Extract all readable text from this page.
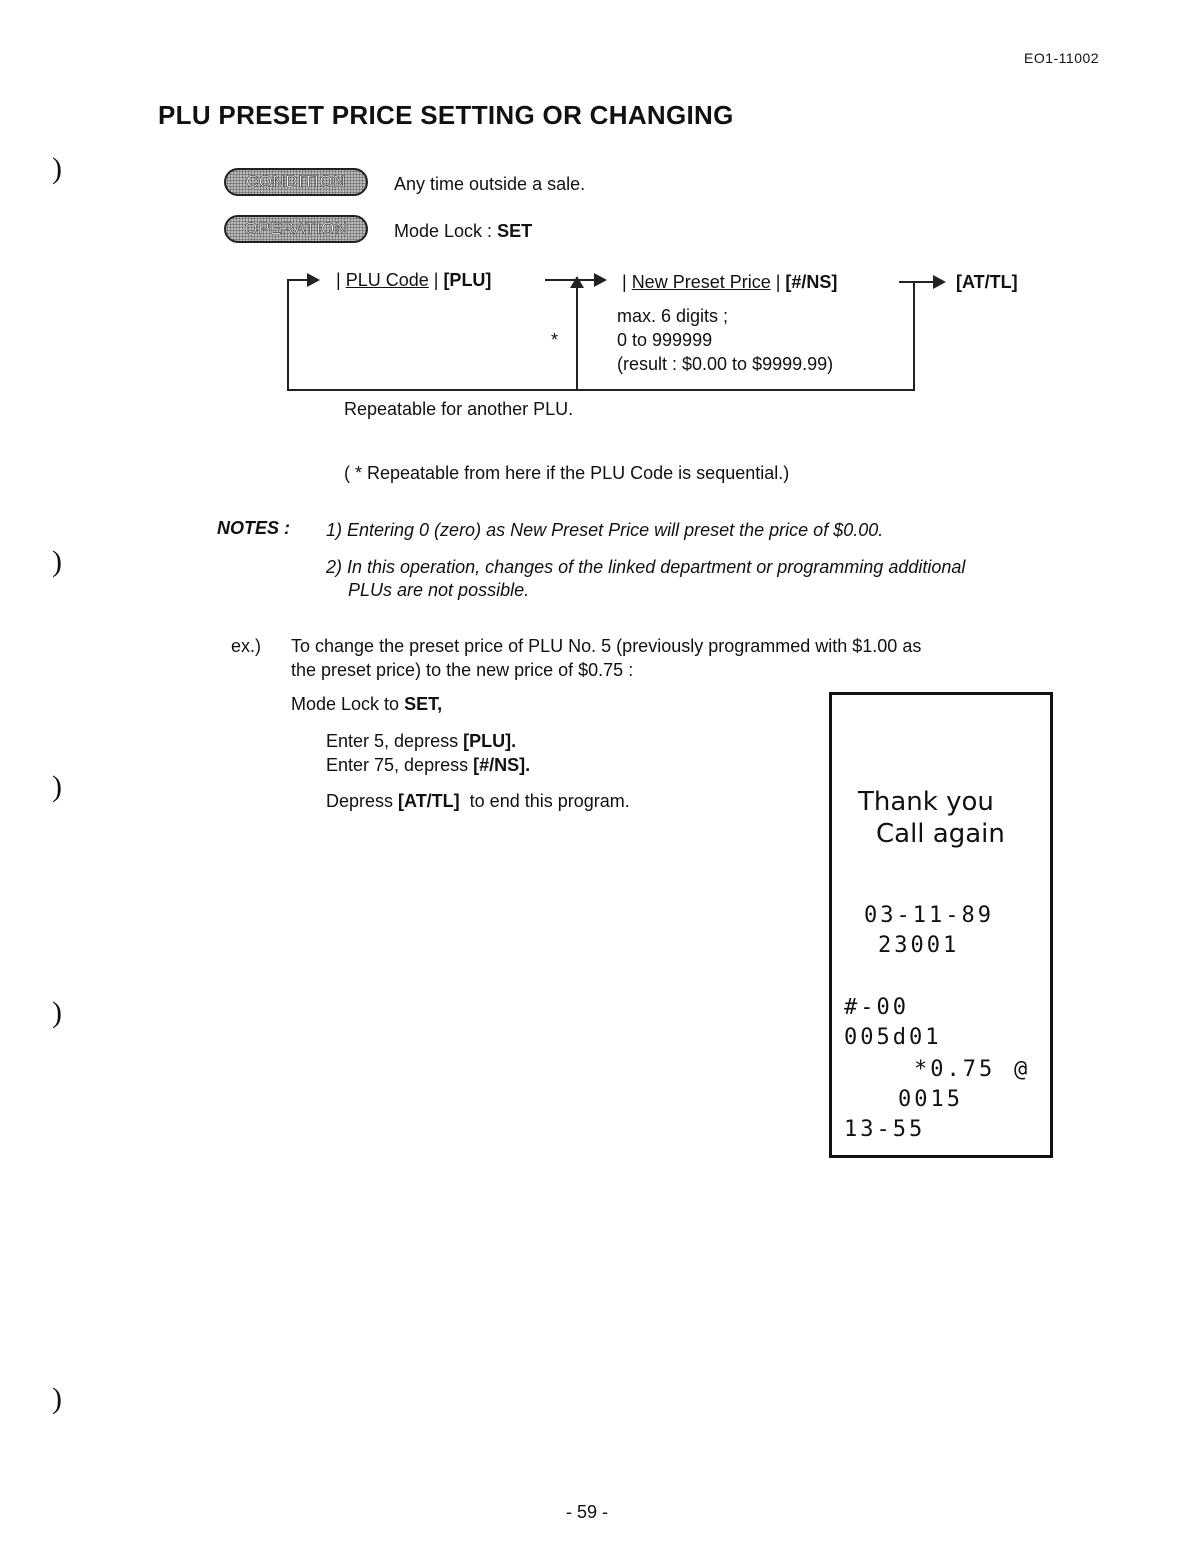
EO1-11002
PLU PRESET PRICE SETTING OR CHANGING
)
)
)
)
)
CONDITION	Any time outside a sale.
OPERATION	Mode Lock : SET
| PLU Code | [PLU]
*
| New Preset Price | [#/NS]
max. 6 digits ;
0 to 999999
(result : $0.00 to $9999.99)
[AT/TL]
Repeatable for another PLU.
( * Repeatable from here if the PLU Code is sequential.)
NOTES : 1) Entering 0 (zero) as New Preset Price will preset the price of $0.00.
2) In this operation, changes of the linked department or programming additional
PLUs are not possible.
ex.) To change the preset price of PLU No. 5 (previously programmed with $1.00 as
the preset price) to the new price of $0.75 :
Mode Lock to SET,
Enter 5, depress [PLU].
Enter 75, depress [#/NS].
Depress [AT/TL]  to end this program.	Thank you
Call again
03-11-89
23001
#-00
005d01
*0.75 @
0015
13-55
- 59 -
